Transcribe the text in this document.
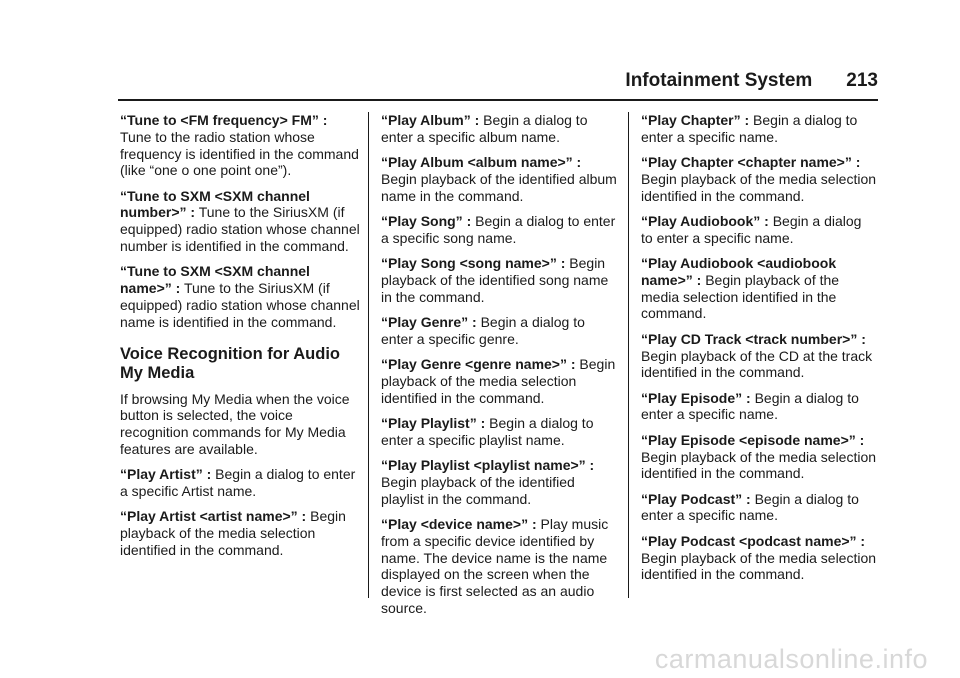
Infotainment System 213

“Tune to <FM frequency> FM” : Tune to the radio station whose frequency is identified in the command (like “one o one point one”).

“Tune to SXM <SXM channel number>” : Tune to the SiriusXM (if equipped) radio station whose channel number is identified in the command.

“Tune to SXM <SXM channel name>” : Tune to the SiriusXM (if equipped) radio station whose channel name is identified in the command.

Voice Recognition for Audio My Media

If browsing My Media when the voice button is selected, the voice recognition commands for My Media features are available.

“Play Artist” : Begin a dialog to enter a specific Artist name.

“Play Artist <artist name>” : Begin playback of the media selection identified in the command.

“Play Album” : Begin a dialog to enter a specific album name.

“Play Album <album name>” : Begin playback of the identified album name in the command.

“Play Song” : Begin a dialog to enter a specific song name.

“Play Song <song name>” : Begin playback of the identified song name in the command.

“Play Genre” : Begin a dialog to enter a specific genre.

“Play Genre <genre name>” : Begin playback of the media selection identified in the command.

“Play Playlist” : Begin a dialog to enter a specific playlist name.

“Play Playlist <playlist name>” : Begin playback of the identified playlist in the command.

“Play <device name>” : Play music from a specific device identified by name. The device name is the name displayed on the screen when the device is first selected as an audio source.

“Play Chapter” : Begin a dialog to enter a specific name.

“Play Chapter <chapter name>” : Begin playback of the media selection identified in the command.

“Play Audiobook” : Begin a dialog to enter a specific name.

“Play Audiobook <audiobook name>” : Begin playback of the media selection identified in the command.

“Play CD Track <track number>” : Begin playback of the CD at the track identified in the command.

“Play Episode” : Begin a dialog to enter a specific name.

“Play Episode <episode name>” : Begin playback of the media selection identified in the command.

“Play Podcast” : Begin a dialog to enter a specific name.

“Play Podcast <podcast name>” : Begin playback of the media selection identified in the command.

carmanualsonline.info
